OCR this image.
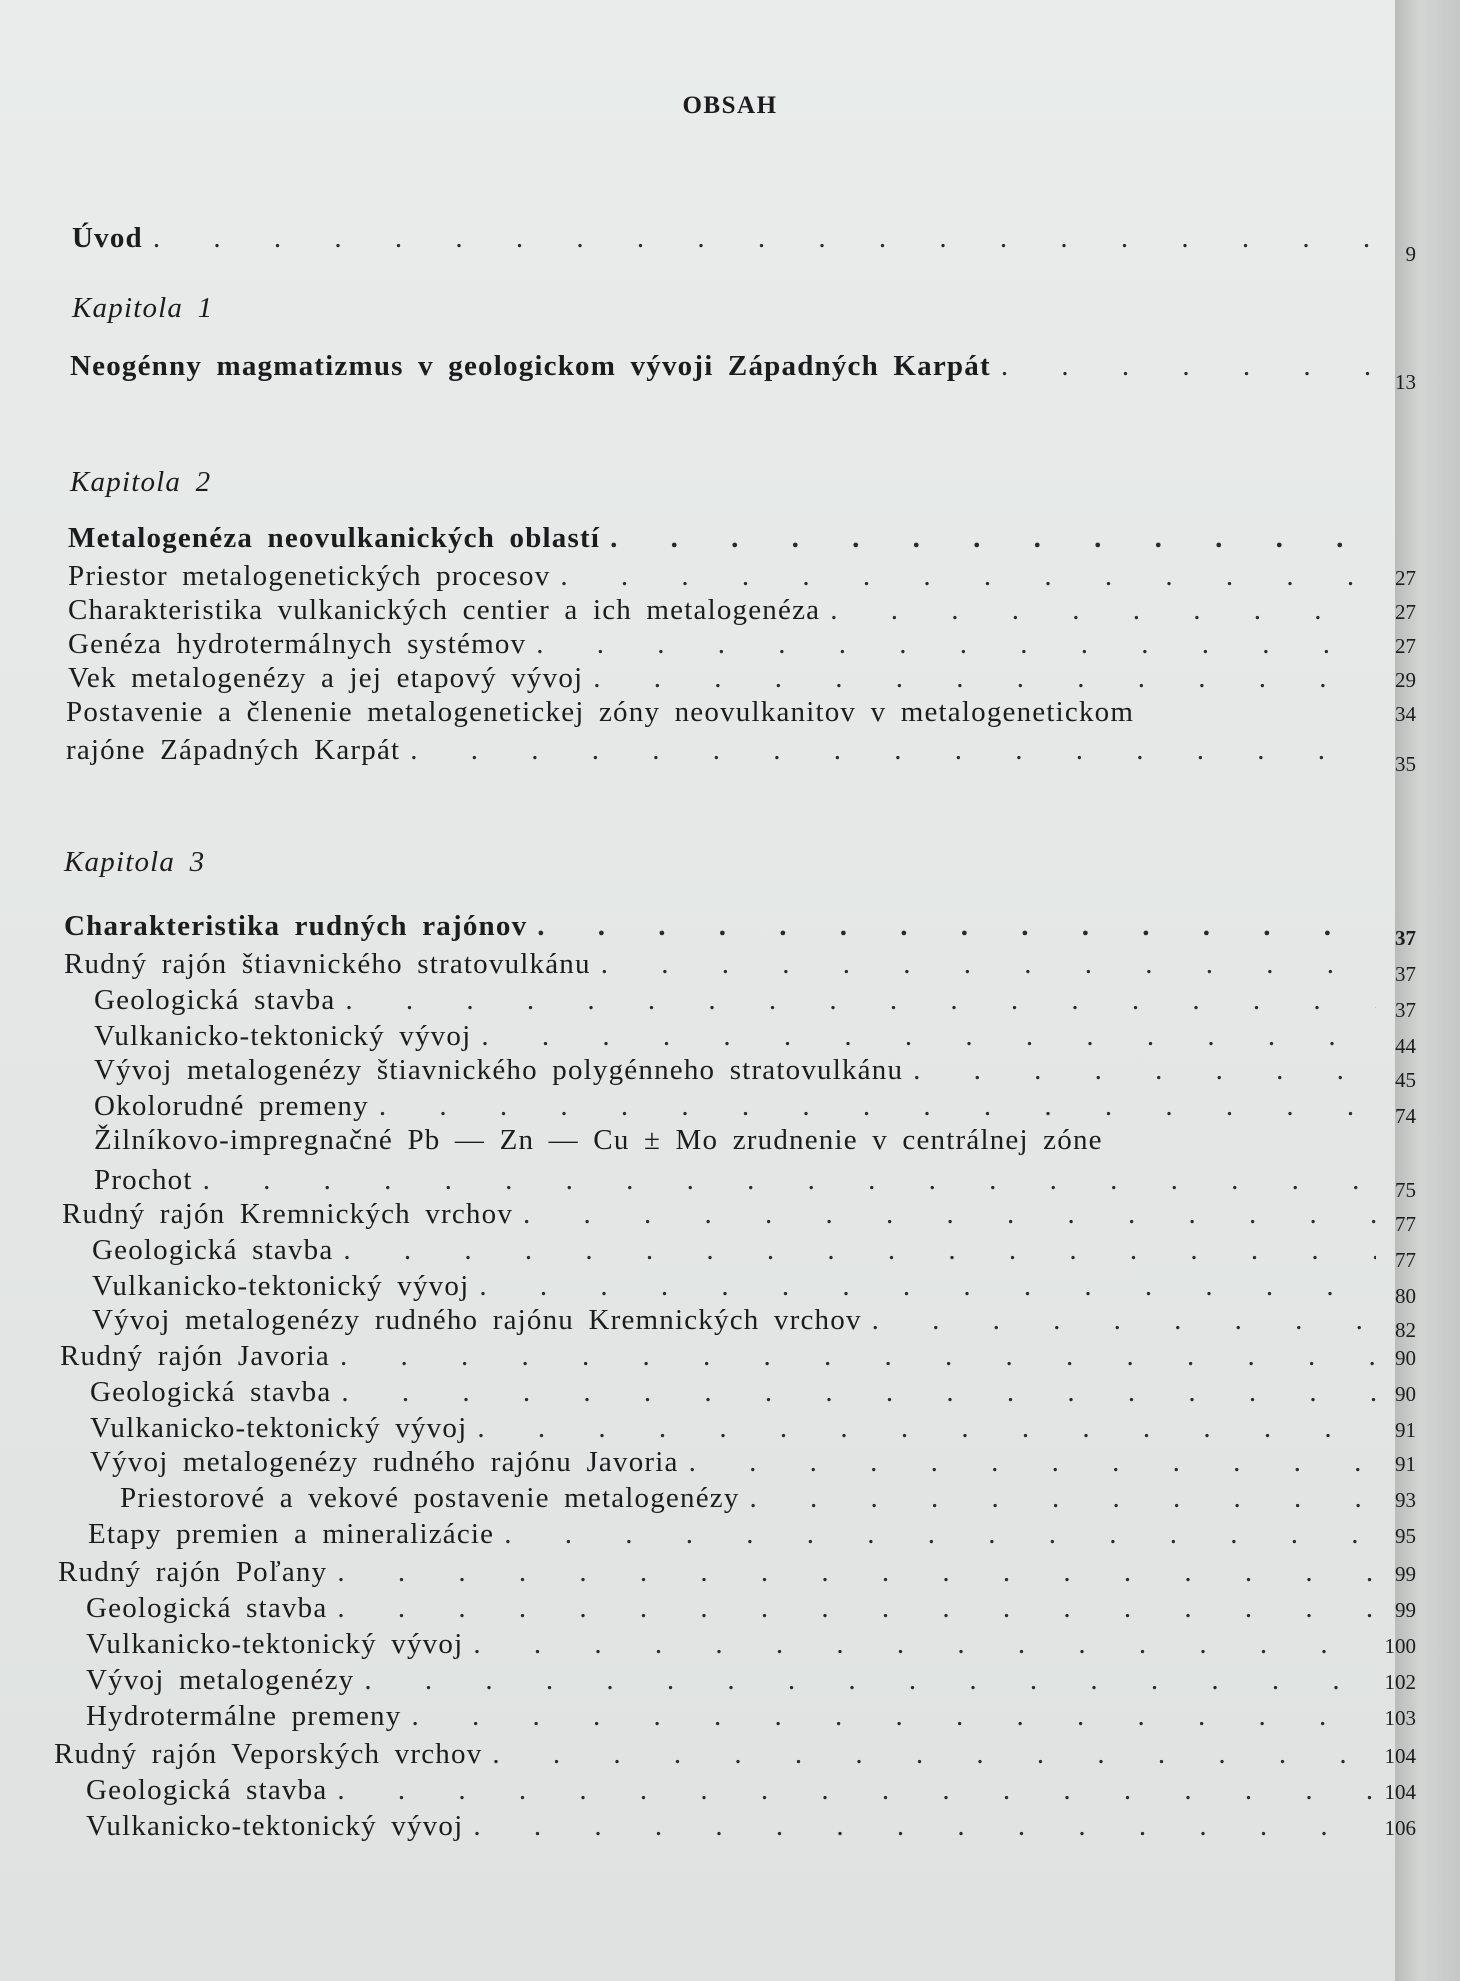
OBSAH
Úvod . . .	9
Kapitola 1
Neogénny magmatizmus v geologickom vývoji Západných Karpát . . .	13
Kapitola 2
Metalogenéza neovulkanických oblastí
. . .
Priestor metalogenetických procesov . . .	27
Charakteristika vulkanických centier a ich metalogenéza . . .	27
Genéza hydrotermálnych systémov . . .	27
Vek metalogenézy a jej etapový vývoj . . .	29
Postavenie a členenie metalogenetickej zóny neovulkanitov v metalogenetickom	34
rajóne Západných Karpát . . .	35
Kapitola 3
Charakteristika rudných rajónov . . .	37
Rudný rajón štiavnického stratovulkánu . . .	37
Geologická stavba . . .	37
Vulkanicko-tektonický vývoj . . .	44
Vývoj metalogenézy štiavnického polygénneho stratovulkánu . . .	45
Okolorudné premeny . . .	74
Žilníkovo-impregnačné Pb — Zn — Cu ± Mo zrudnenie v centrálnej zóne
Prochot . . .	75
Rudný rajón Kremnických vrchov . . .	77
Geologická stavba . . .	77
Vulkanicko-tektonický vývoj . . .	80
Vývoj metalogenézy rudného rajónu Kremnických vrchov . . .	82
Rudný rajón Javoria . . .	90
Geologická stavba . . .	90
Vulkanicko-tektonický vývoj . . .	91
Vývoj metalogenézy rudného rajónu Javoria . . .	91
Priestorové a vekové postavenie metalogenézy . . .	93
Etapy premien a mineralizácie . . .	95
Rudný rajón Poľany . . .	99
Geologická stavba . . .	99
Vulkanicko-tektonický vývoj . . .	100
Vývoj metalogenézy . . .	102
Hydrotermálne premeny . . .	103
Rudný rajón Veporských vrchov . . .	104
Geologická stavba . . .	104
Vulkanicko-tektonický vývoj . . .	106
